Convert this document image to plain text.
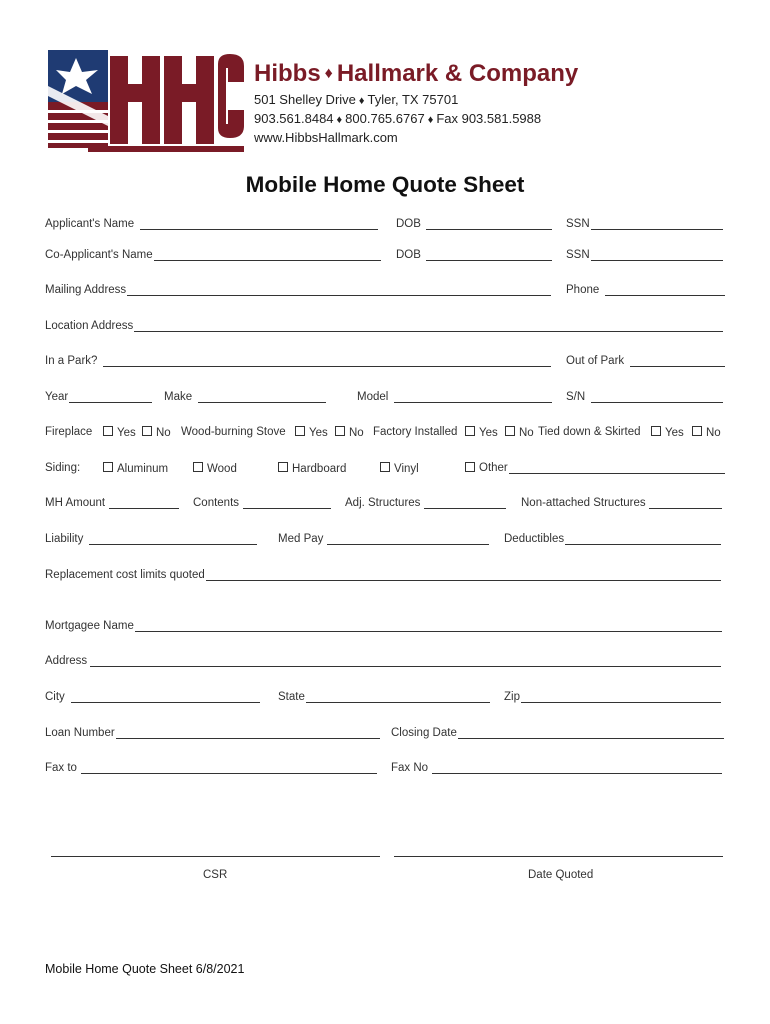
HHC
Hibbs ♦ Hallmark & Company
501 Shelley Drive ♦ Tyler, TX 75701
903.561.8484 ♦ 800.765.6767 ♦ Fax 903.581.5988
www.HibbsHallmark.com
Mobile Home Quote Sheet
Applicant's Name	DOB	SSN
Co-Applicant's Name	DOB	SSN
Mailing Address	Phone
Location Address
In a Park?	Out of Park
Year	Make	Model	S/N
Fireplace	Yes	No Wood-burning Stove	Yes	No Factory Installed	Yes	No Tied down & Skirted	Yes	No
Siding:	Aluminum	Wood	Hardboard	Vinyl	Other
MH Amount	Contents	Adj. Structures	Non-attached Structures
Liability	Med Pay	Deductibles
Replacement cost limits quoted
Mortgagee Name
Address
City	State	Zip
Loan Number	Closing Date
Fax to	Fax No
CSR	Date Quoted
Mobile Home Quote Sheet 6/8/2021
